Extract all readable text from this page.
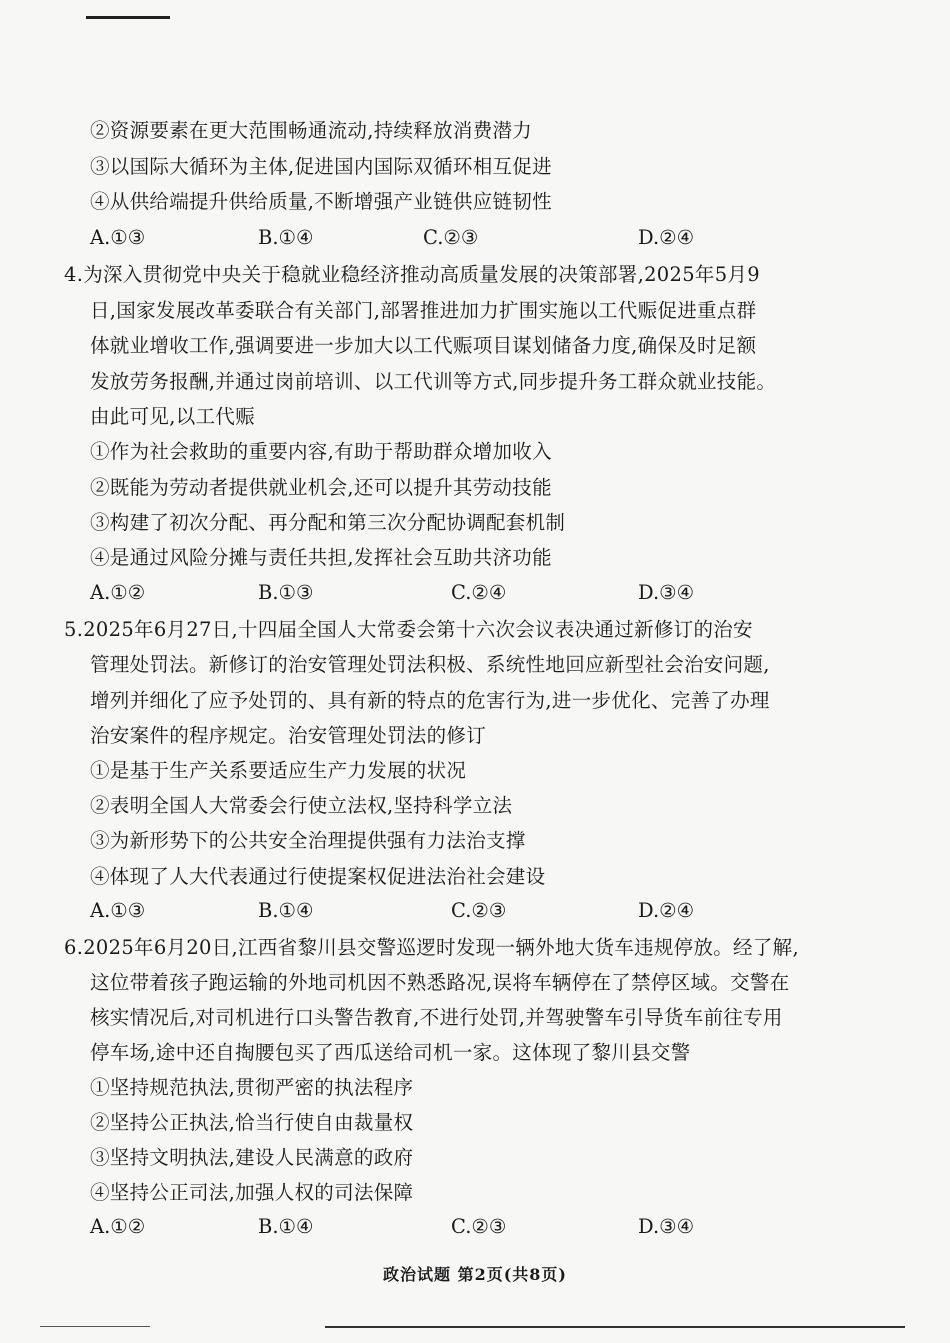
②资源要素在更大范围畅通流动,持续释放消费潜力
③以国际大循环为主体,促进国内国际双循环相互促进
④从供给端提升供给质量,不断增强产业链供应链韧性
A.①③	B.①④	C.②③	D.②④
4.为深入贯彻党中央关于稳就业稳经济推动高质量发展的决策部署,2025年5月9
日,国家发展改革委联合有关部门,部署推进加力扩围实施以工代赈促进重点群
体就业增收工作,强调要进一步加大以工代赈项目谋划储备力度,确保及时足额
发放劳务报酬,并通过岗前培训、以工代训等方式,同步提升务工群众就业技能。
由此可见,以工代赈
①作为社会救助的重要内容,有助于帮助群众增加收入
②既能为劳动者提供就业机会,还可以提升其劳动技能
③构建了初次分配、再分配和第三次分配协调配套机制
④是通过风险分摊与责任共担,发挥社会互助共济功能
A.①②	B.①③	C.②④	D.③④
5.2025年6月27日,十四届全国人大常委会第十六次会议表决通过新修订的治安
管理处罚法。新修订的治安管理处罚法积极、系统性地回应新型社会治安问题,
增列并细化了应予处罚的、具有新的特点的危害行为,进一步优化、完善了办理
治安案件的程序规定。治安管理处罚法的修订
①是基于生产关系要适应生产力发展的状况
②表明全国人大常委会行使立法权,坚持科学立法
③为新形势下的公共安全治理提供强有力法治支撑
④体现了人大代表通过行使提案权促进法治社会建设
A.①③	B.①④	C.②③	D.②④
6.2025年6月20日,江西省黎川县交警巡逻时发现一辆外地大货车违规停放。经了解,
这位带着孩子跑运输的外地司机因不熟悉路况,误将车辆停在了禁停区域。交警在
核实情况后,对司机进行口头警告教育,不进行处罚,并驾驶警车引导货车前往专用
停车场,途中还自掏腰包买了西瓜送给司机一家。这体现了黎川县交警
①坚持规范执法,贯彻严密的执法程序
②坚持公正执法,恰当行使自由裁量权
③坚持文明执法,建设人民满意的政府
④坚持公正司法,加强人权的司法保障
A.①②	B.①④	C.②③	D.③④
政治试题 第2页(共8页)
